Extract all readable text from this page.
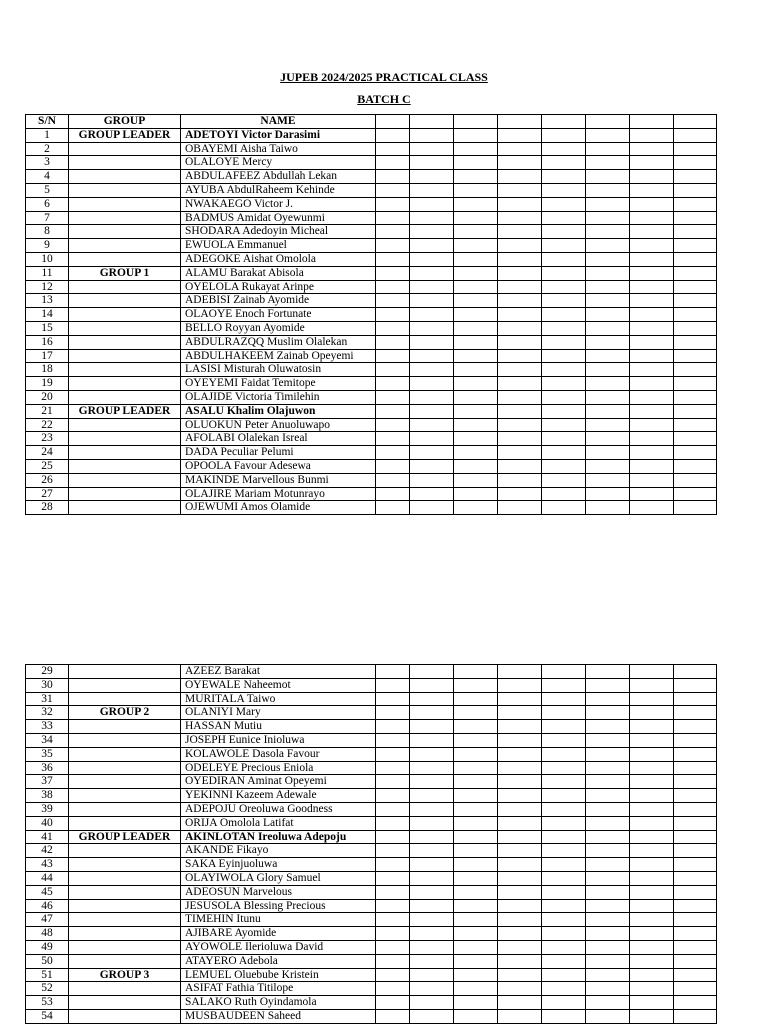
JUPEB 2024/2025 PRACTICAL CLASS
BATCH C
S/N	GROUP	NAME								
1	GROUP LEADER	ADETOYI Victor Darasimi								
2		OBAYEMI Aisha Taiwo								
3		OLALOYE Mercy								
4		ABDULAFEEZ Abdullah Lekan								
5		AYUBA AbdulRaheem Kehinde								
6		NWAKAEGO Victor J.								
7		BADMUS Amidat Oyewunmi								
8		SHODARA Adedoyin Micheal								
9		EWUOLA Emmanuel								
10		ADEGOKE Aishat Omolola								
11	GROUP 1	ALAMU Barakat Abisola								
12		OYELOLA Rukayat Arinpe								
13		ADEBISI Zainab Ayomide								
14		OLAOYE Enoch Fortunate								
15		BELLO Royyan Ayomide								
16		ABDULRAZQQ Muslim Olalekan								
17		ABDULHAKEEM Zainab Opeyemi								
18		LASISI Misturah Oluwatosin								
19		OYEYEMI Faidat Temitope								
20		OLAJIDE Victoria Timilehin								
21	GROUP LEADER	ASALU Khalim Olajuwon								
22		OLUOKUN Peter Anuoluwapo								
23		AFOLABI Olalekan Isreal								
24		DADA Peculiar Pelumi								
25		OPOOLA Favour Adesewa								
26		MAKINDE Marvellous Bunmi								
27		OLAJIRE Mariam Motunrayo								
28		OJEWUMI Amos Olamide								
29		AZEEZ Barakat								
30		OYEWALE Naheemot								
31		MURITALA Taiwo								
32	GROUP 2	OLANIYI Mary								
33		HASSAN Mutiu								
34		JOSEPH Eunice Inioluwa								
35		KOLAWOLE Dasola Favour								
36		ODELEYE Precious Eniola								
37		OYEDIRAN Aminat Opeyemi								
38		YEKINNI Kazeem Adewale								
39		ADEPOJU Oreoluwa Goodness								
40		ORIJA Omolola Latifat								
41	GROUP LEADER	AKINLOTAN Ireoluwa Adepoju								
42		AKANDE Fikayo								
43		SAKA Eyinjuoluwa								
44		OLAYIWOLA Glory Samuel								
45		ADEOSUN Marvelous								
46		JESUSOLA Blessing Precious								
47		TIMEHIN Itunu								
48		AJIBARE Ayomide								
49		AYOWOLE Ilerioluwa David								
50		ATAYERO Adebola								
51	GROUP 3	LEMUEL Oluebube Kristein								
52		ASIFAT Fathia Titilope								
53		SALAKO Ruth Oyindamola								
54		MUSBAUDEEN Saheed								
